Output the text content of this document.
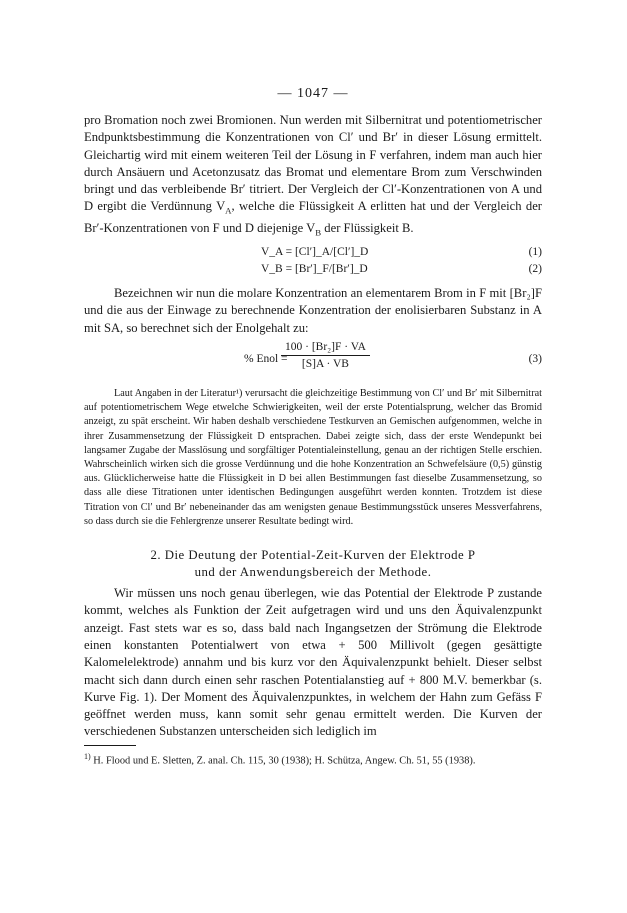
— 1047 —

pro Bromation noch zwei Bromionen. Nun werden mit Silbernitrat und potentiometrischer Endpunktsbestimmung die Konzentrationen von Cl′ und Br′ in dieser Lösung ermittelt. Gleichartig wird mit einem weiteren Teil der Lösung in F verfahren, indem man auch hier durch Ansäuern und Acetonzusatz das Bromat und elementare Brom zum Verschwinden bringt und das verbleibende Br′ titriert. Der Vergleich der Cl′-Konzentrationen von A und D ergibt die Verdünnung $V_A$, welche die Flüssigkeit A erlitten hat und der Vergleich der Br′-Konzentrationen von F und D diejenige $V_B$ der Flüssigkeit B.

V_A = [Cl′]_A/[Cl′]_D	(1)
V_B = [Br′]_F/[Br′]_D	(2)

Bezeichnen wir nun die molare Konzentration an elementarem Brom in F mit [Br₂]F und die aus der Einwage zu berechnende Konzentration der enolisierbaren Substanz in A mit SA, so berechnet sich der Enolgehalt zu:

% Enol =
$\frac{\text{100 · [Br₂]F · VA}}{[S]A \cdot VB}$	(3)

Laut Angaben in der Literatur¹) verursacht die gleichzeitige Bestimmung von Cl′ und Br′ mit Silbernitrat auf potentiometrischem Wege etwelche Schwierigkeiten, weil der erste Potentialsprung, welcher das Bromid anzeigt, zu spät erscheint. Wir haben deshalb verschiedene Testkurven an Gemischen aufgenommen, welche in ihrer Zusammensetzung der Flüssigkeit D entsprachen. Dabei zeigte sich, dass der erste Wendepunkt bei langsamer Zugabe der Masslösung und sorgfältiger Potentialeinstellung, genau an der richtigen Stelle erschien. Wahrscheinlich wirken sich die grosse Verdünnung und die hohe Konzentration an Schwefelsäure (0,5) günstig aus. Glücklicherweise hatte die Flüssigkeit in D bei allen Bestimmungen fast dieselbe Zusammensetzung, so dass alle diese Titrationen unter identischen Bedingungen ausgeführt werden konnten. Trotzdem ist diese Titration von Cl′ und Br′ nebeneinander das am wenigsten genaue Bestimmungsstück unseres Messverfahrens, so dass durch sie die Fehlergrenze unserer Resultate bedingt wird.

2. Die Deutung der Potential-Zeit-Kurven der Elektrode P
und der Anwendungsbereich der Methode.

Wir müssen uns noch genau überlegen, wie das Potential der Elektrode P zustande kommt, welches als Funktion der Zeit aufgetragen wird und uns den Äquivalenzpunkt anzeigt. Fast stets war es so, dass bald nach Ingangsetzen der Strömung die Elektrode einen konstanten Potentialwert von etwa + 500 Millivolt (gegen gesättigte Kalomelelektrode) annahm und bis kurz vor den Äquivalenzpunkt behielt. Dieser selbst macht sich dann durch einen sehr raschen Potentialanstieg auf + 800 M.V. bemerkbar (s. Kurve Fig. 1). Der Moment des Äquivalenzpunktes, in welchem der Hahn zum Gefäss F geöffnet werden muss, kann somit sehr genau ermittelt werden. Die Kurven der verschiedenen Substanzen unterscheiden sich lediglich im

$^{1)}$ H. Flood und E. Sletten, Z. anal. Ch. 115, 30 (1938); H. Schütza, Angew. Ch. 51, 55 (1938).
